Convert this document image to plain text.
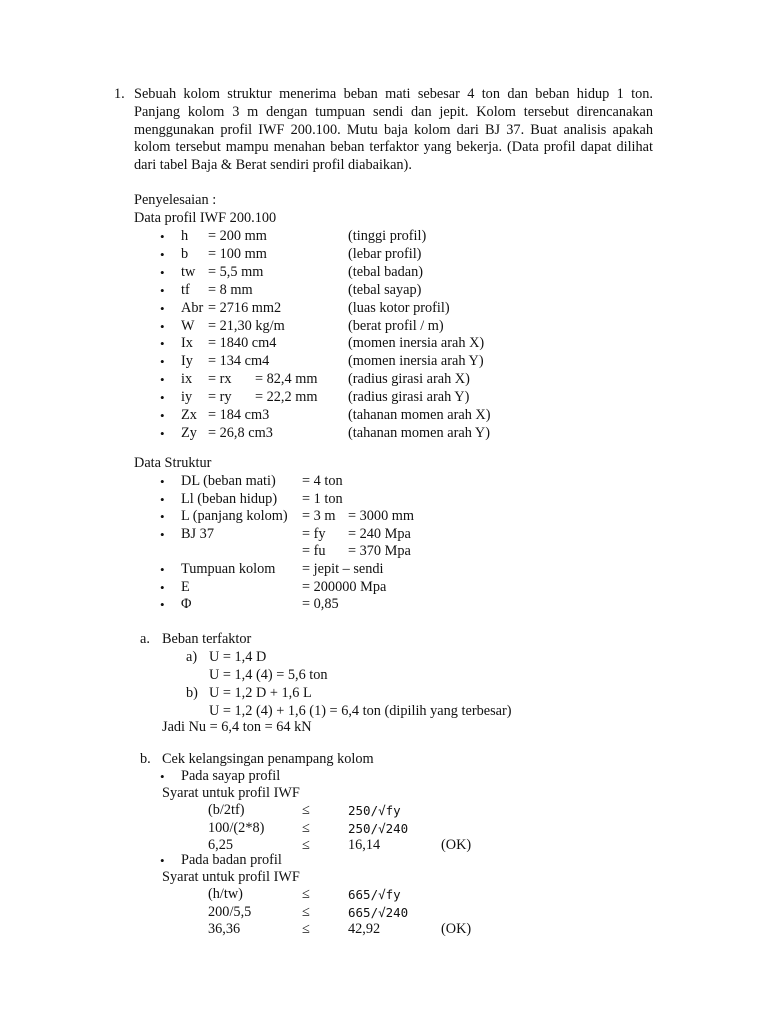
1. Sebuah kolom struktur menerima beban mati sebesar 4 ton dan beban hidup 1 ton. Panjang kolom 3 m dengan tumpuan sendi dan jepit. Kolom tersebut direncanakan menggunakan profil IWF 200.100. Mutu baja kolom dari BJ 37. Buat analisis apakah kolom tersebut mampu menahan beban terfaktor yang bekerja. (Data profil dapat dilihat dari tabel Baja & Berat sendiri profil diabaikan).
Penyelesaian :
Data profil IWF 200.100
• h = 200 mm	(tinggi profil)
• b = 100 mm	(lebar profil)
• tw = 5,5 mm	(tebal badan)
• tf = 8 mm	(tebal sayap)
• Abr = 2716 mm2	(luas kotor profil)
• W = 21,30 kg/m	(berat profil / m)
• Ix = 1840 cm4	(momen inersia arah X)
• Iy = 134 cm4	(momen inersia arah Y)
• ix = rx = 82,4 mm (radius girasi arah X)
• iy = ry = 22,2 mm (radius girasi arah Y)
• Zx = 184 cm3	(tahanan momen arah X)
• Zy = 26,8 cm3	(tahanan momen arah Y)
Data Struktur
• DL (beban mati) = 4 ton
• Ll (beban hidup) = 1 ton
• L (panjang kolom) = 3 m = 3000 mm
• BJ 37	= fy = 240 Mpa
= fu = 370 Mpa
• Tumpuan kolom = jepit – sendi
• E	= 200000 Mpa
• Φ	= 0,85
a. Beban terfaktor
a) U = 1,4 D
U = 1,4 (4) = 5,6 ton
b) U = 1,2 D + 1,6 L
U = 1,2 (4) + 1,6 (1) = 6,4 ton (dipilih yang terbesar)
Jadi Nu = 6,4 ton = 64 kN
b. Cek kelangsingan penampang kolom
• Pada sayap profil
Syarat untuk profil IWF
(b/2tf)	≤	250/√fy
100/(2*8)	≤	250/√240
6,25	≤	16,14	(OK)
• Pada badan profil
Syarat untuk profil IWF
(h/tw)	≤	665/√fy
200/5,5	≤	665/√240
36,36	≤	42,92	(OK)
